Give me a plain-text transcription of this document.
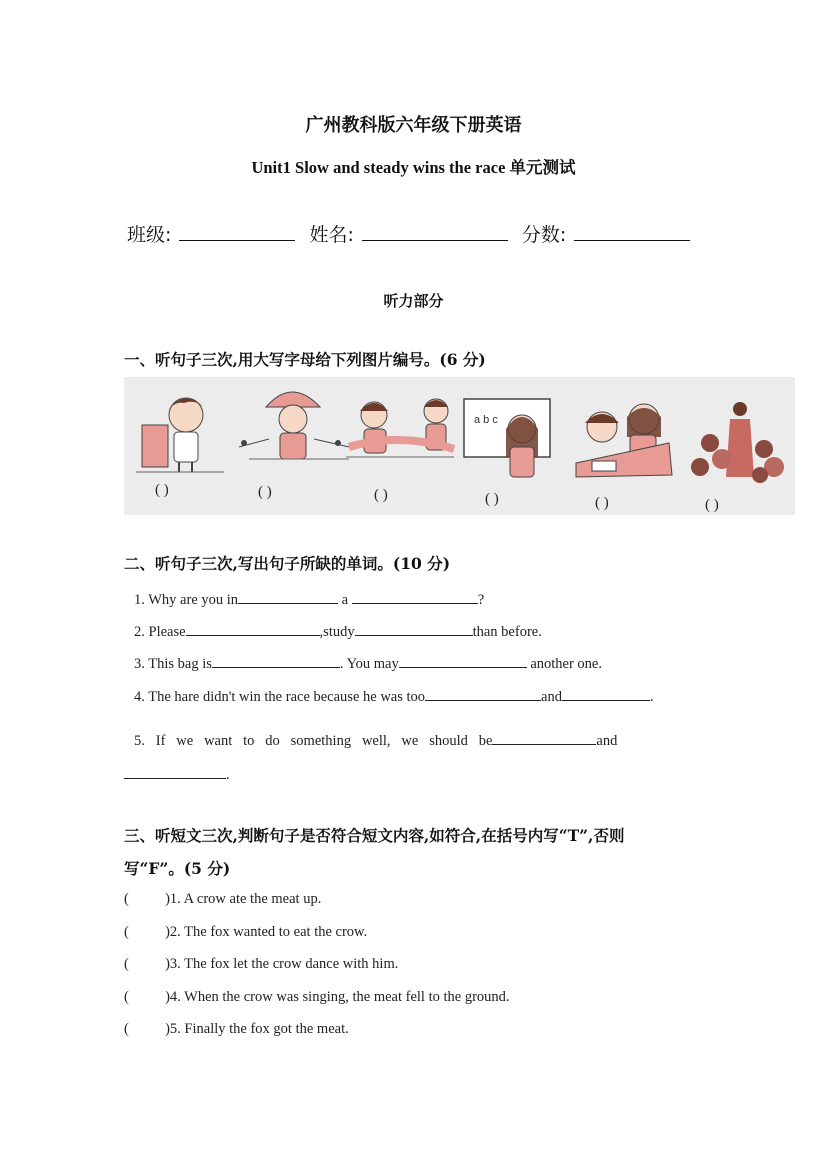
广州教科版六年级下册英语
Unit1 Slow and steady wins the race 单元测试
班级:	姓名:	分数:
听力部分
一、听句子三次,用大写字母给下列图片编号。(6 分)
a b c
( )	( )	( )	( )	( )	( )
二、听句子三次,写出句子所缺的单词。(10 分)
1. Why are you in	a	?
2. Please	,study	than before.
3. This bag is	. You may	another one.
4. The hare didn't win the race because he was too	and	.
5.   If   we   want   to   do   something   well,   we   should   be	and
.
三、听短文三次,判断句子是否符合短文内容,如符合,在括号内写“T”,否则
写“F”。(5 分)
(          )1. A crow ate the meat up.
(          )2. The fox wanted to eat the crow.
(          )3. The fox let the crow dance with him.
(          )4. When the crow was singing, the meat fell to the ground.
(          )5. Finally the fox got the meat.
